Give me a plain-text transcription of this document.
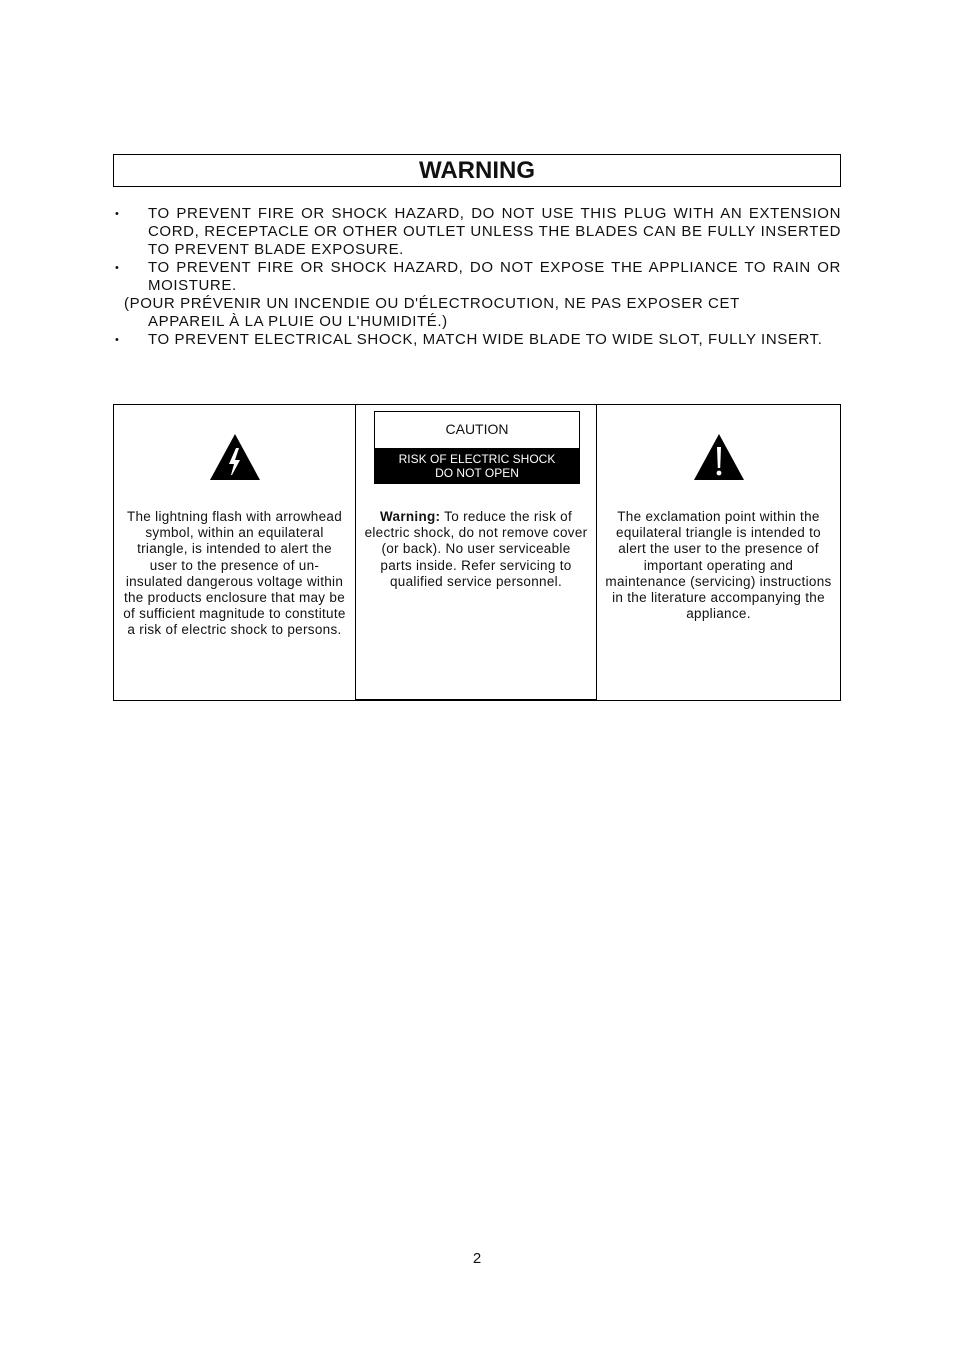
WARNING
• TO PREVENT FIRE OR SHOCK HAZARD, DO NOT USE THIS PLUG WITH AN EXTENSION CORD, RECEPTACLE OR OTHER OUTLET UNLESS THE BLADES CAN BE FULLY INSERTED TO PREVENT BLADE EXPOSURE.
• TO PREVENT FIRE OR SHOCK HAZARD, DO NOT EXPOSE THE APPLIANCE TO RAIN OR MOISTURE.
(POUR PRÉVENIR UN INCENDIE OU D'ÉLECTROCUTION, NE PAS EXPOSER CET
APPAREIL À LA PLUIE OU L'HUMIDITÉ.)
• TO PREVENT ELECTRICAL SHOCK, MATCH WIDE BLADE TO WIDE SLOT, FULLY INSERT.
The lightning flash with arrowhead symbol, within an equilateral triangle, is intended to alert the user to the presence of un-insulated dangerous voltage within the products enclosure that may be of sufficient magnitude to constitute a risk of electric shock to persons.
CAUTION
RISK OF ELECTRIC SHOCK
DO NOT OPEN
Warning: To reduce the risk of electric shock, do not remove cover (or back). No user serviceable parts inside. Refer servicing to qualified service personnel.
The exclamation point within the equilateral triangle is intended to alert the user to the presence of important operating and maintenance (servicing) instructions in the literature accompanying the appliance.
2
